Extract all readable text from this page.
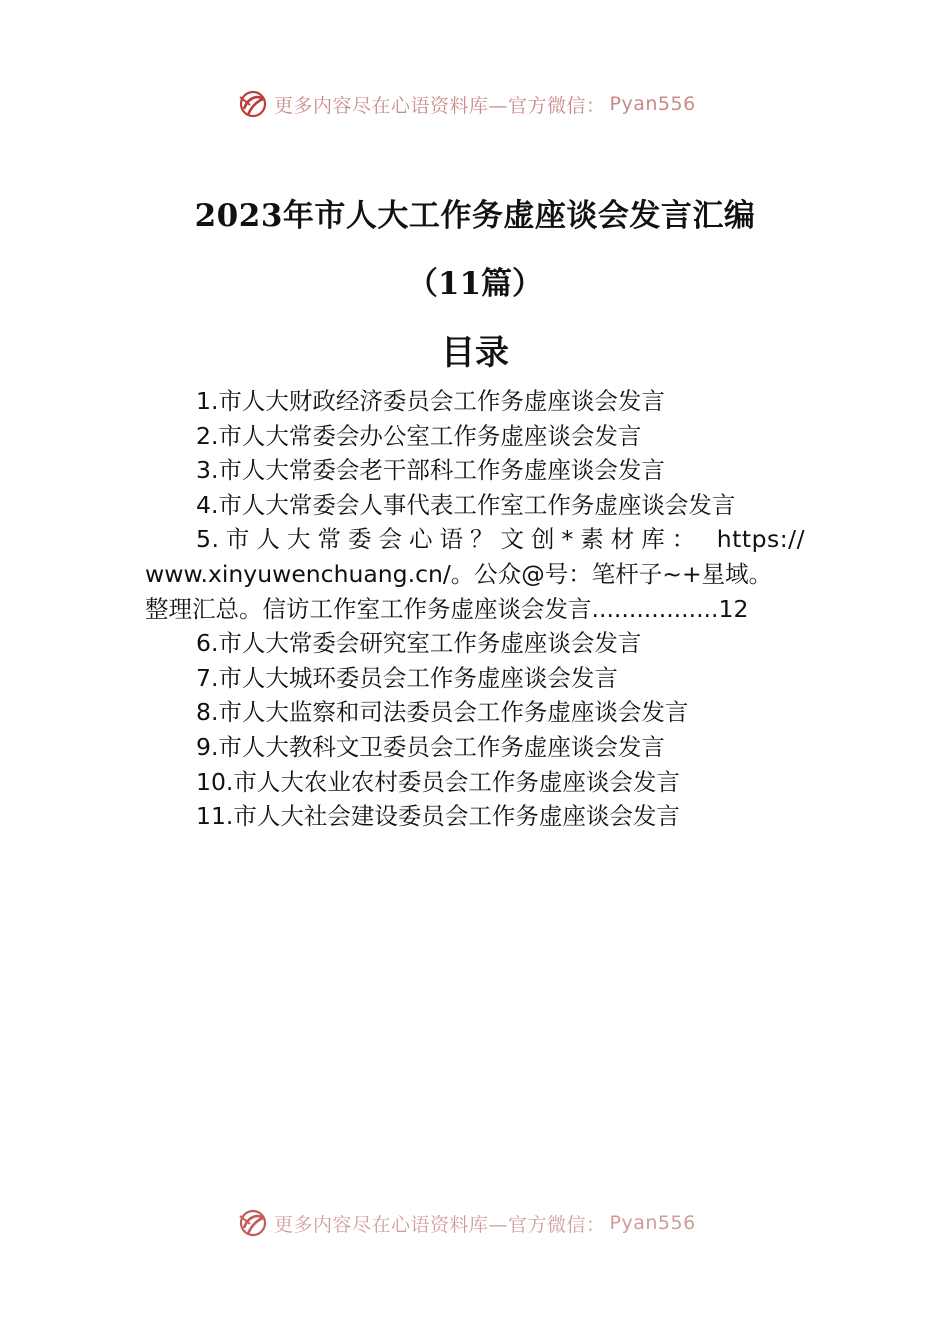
更多内容尽在心语资料库—官方微信： Pyan556
2023年市人大工作务虚座谈会发言汇编
（11篇）
目录
1.市人大财政经济委员会工作务虚座谈会发言
2.市人大常委会办公室工作务虚座谈会发言
3.市人大常委会老干部科工作务虚座谈会发言
4.市人大常委会人事代表工作室工作务虚座谈会发言
5.市人大常委会心语？文创*素材库： https://
www.xinyuwenchuang.cn/。公众@号：笔杆子~+星域。
整理汇总。信访工作室工作务虚座谈会发言.................12
6.市人大常委会研究室工作务虚座谈会发言
7.市人大城环委员会工作务虚座谈会发言
8.市人大监察和司法委员会工作务虚座谈会发言
9.市人大教科文卫委员会工作务虚座谈会发言
10.市人大农业农村委员会工作务虚座谈会发言
11.市人大社会建设委员会工作务虚座谈会发言
更多内容尽在心语资料库—官方微信： Pyan556
